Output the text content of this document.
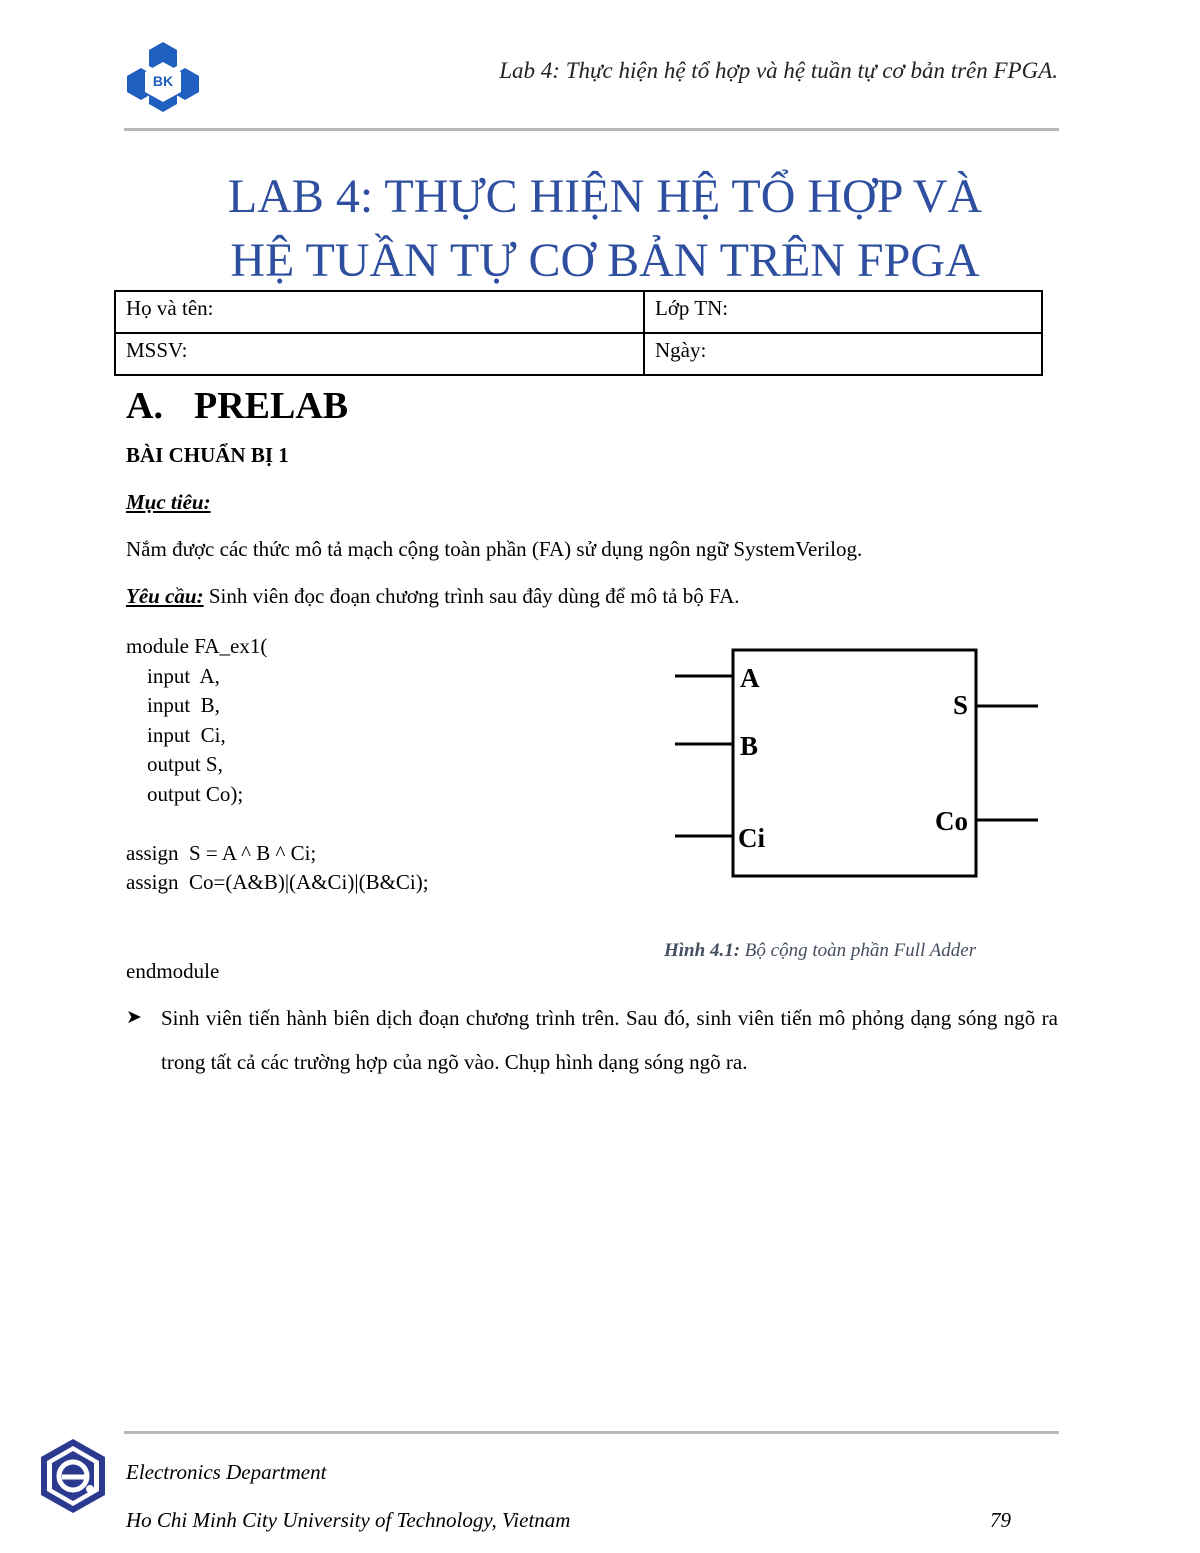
BK	Lab 4: Thực hiện hệ tổ hợp và hệ tuần tự cơ bản trên FPGA.
LAB 4: THỰC HIỆN HỆ TỔ HỢP VÀ
HỆ TUẦN TỰ CƠ BẢN TRÊN FPGA
Họ và tên:	Lớp TN:
MSSV:	Ngày:
A. PRELAB
BÀI CHUẨN BỊ 1
Mục tiêu:
Nắm được các thức mô tả mạch cộng toàn phần (FA) sử dụng ngôn ngữ SystemVerilog.
Yêu cầu: Sinh viên đọc đoạn chương trình sau đây dùng để mô tả bộ FA.
module FA_ex1(
input  A,
input  B,
input  Ci,
output S,
output Co);

assign  S = A ^ B ^ Ci;
assign  Co=(A&B)|(A&Ci)|(B&Ci);

endmodule
A
B
Ci
S
Co
Hình 4.1: Bộ cộng toàn phần Full Adder
➤ Sinh viên tiến hành biên dịch đoạn chương trình trên. Sau đó, sinh viên tiến mô phỏng dạng sóng ngõ ra trong tất cả các trường hợp của ngõ vào. Chụp hình dạng sóng ngõ ra.
Electronics Department
Ho Chi Minh City University of Technology, Vietnam	79
